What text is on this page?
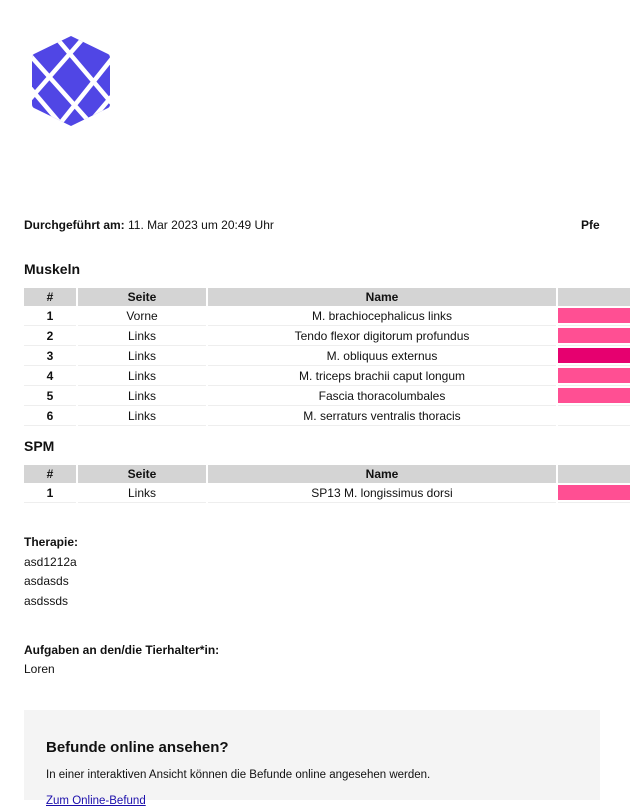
Durchgeführt am: 11. Mar 2023 um 20:49 Uhr	Pfe
Muskeln
#	Seite	Name	
1	Vorne	M. brachiocephalicus links	

2	Links	Tendo flexor digitorum profundus	

3	Links	M. obliquus externus	

4	Links	M. triceps brachii caput longum	

5	Links	Fascia thoracolumbales	

6	Links	M. serraturs ventralis thoracis	
SPM
#	Seite	Name	
1	Links	SP13 M. longissimus dorsi	
Therapie:
asd1212a
asdasds
asdssds
Aufgaben an den/die Tierhalter*in:
Loren
Befunde online ansehen?
In einer interaktiven Ansicht können die Befunde online angesehen werden.
Zum Online-Befund
